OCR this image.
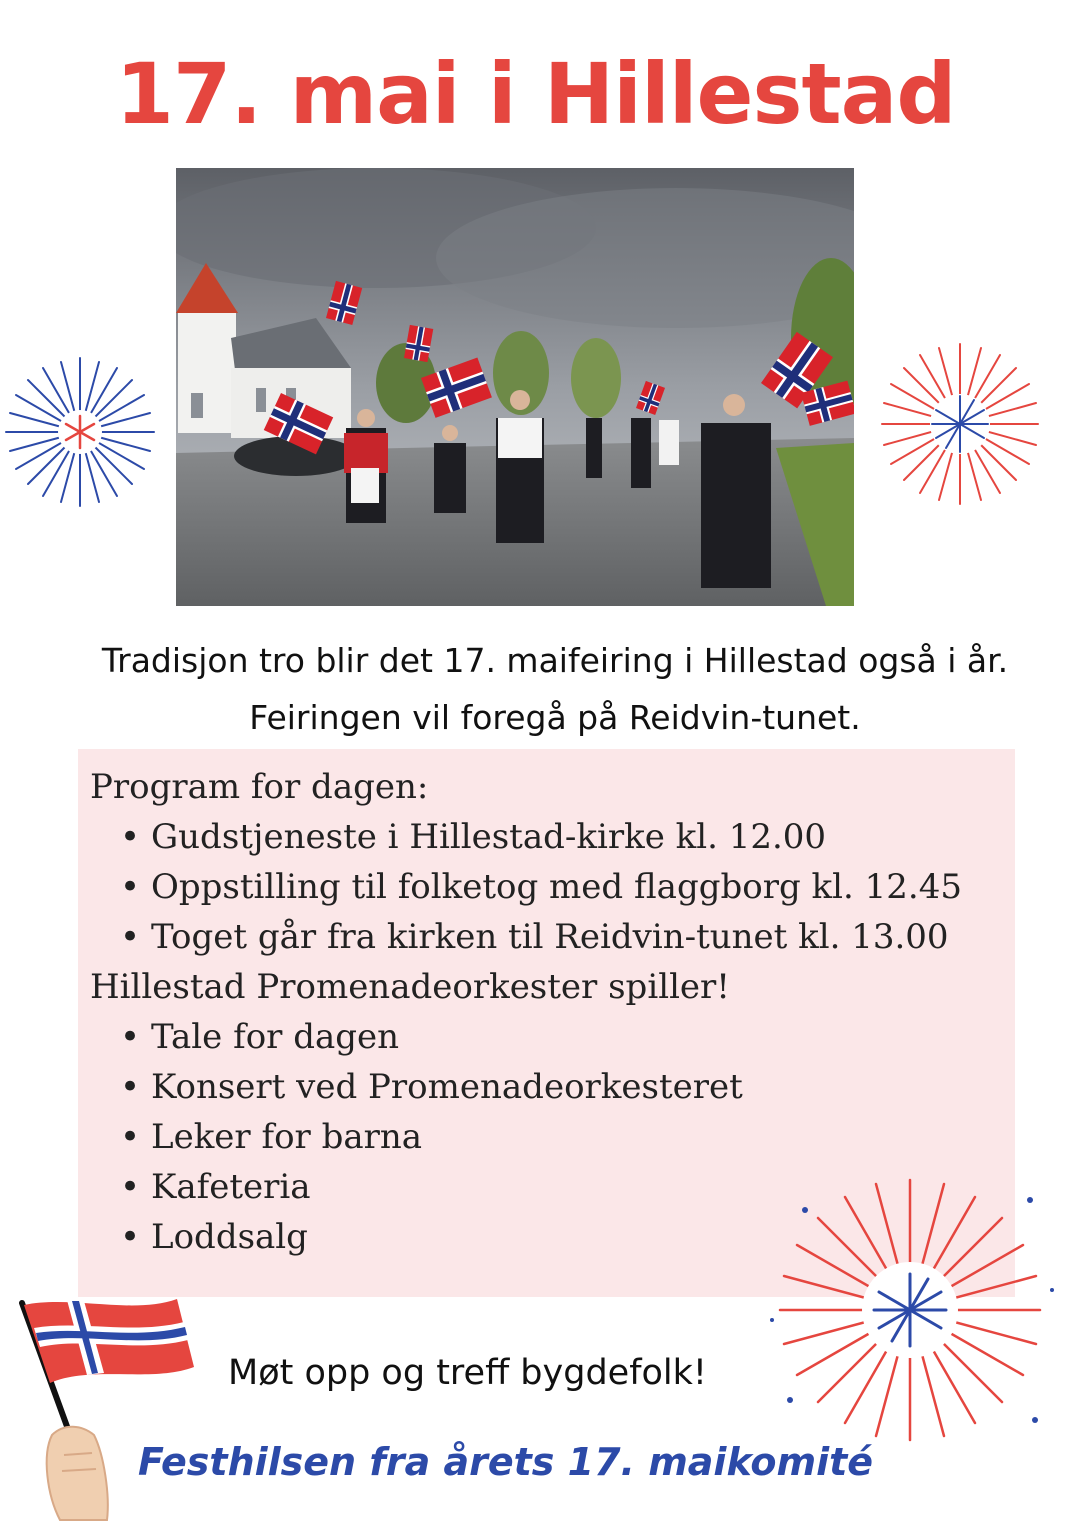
17. mai i Hillestad
Tradisjon tro blir det 17. maifeiring i Hillestad også i år.
Feiringen vil foregå på Reidvin-tunet.
Program for dagen:
• Gudstjeneste i Hillestad-kirke kl. 12.00
• Oppstilling til folketog med flaggborg kl. 12.45
• Toget går fra kirken til Reidvin-tunet kl. 13.00
Hillestad Promenadeorkester spiller!
• Tale for dagen
• Konsert ved Promenadeorkesteret
• Leker for barna
• Kafeteria
• Loddsalg
Møt opp og treff bygdefolk!
Festhilsen fra årets 17. maikomité
